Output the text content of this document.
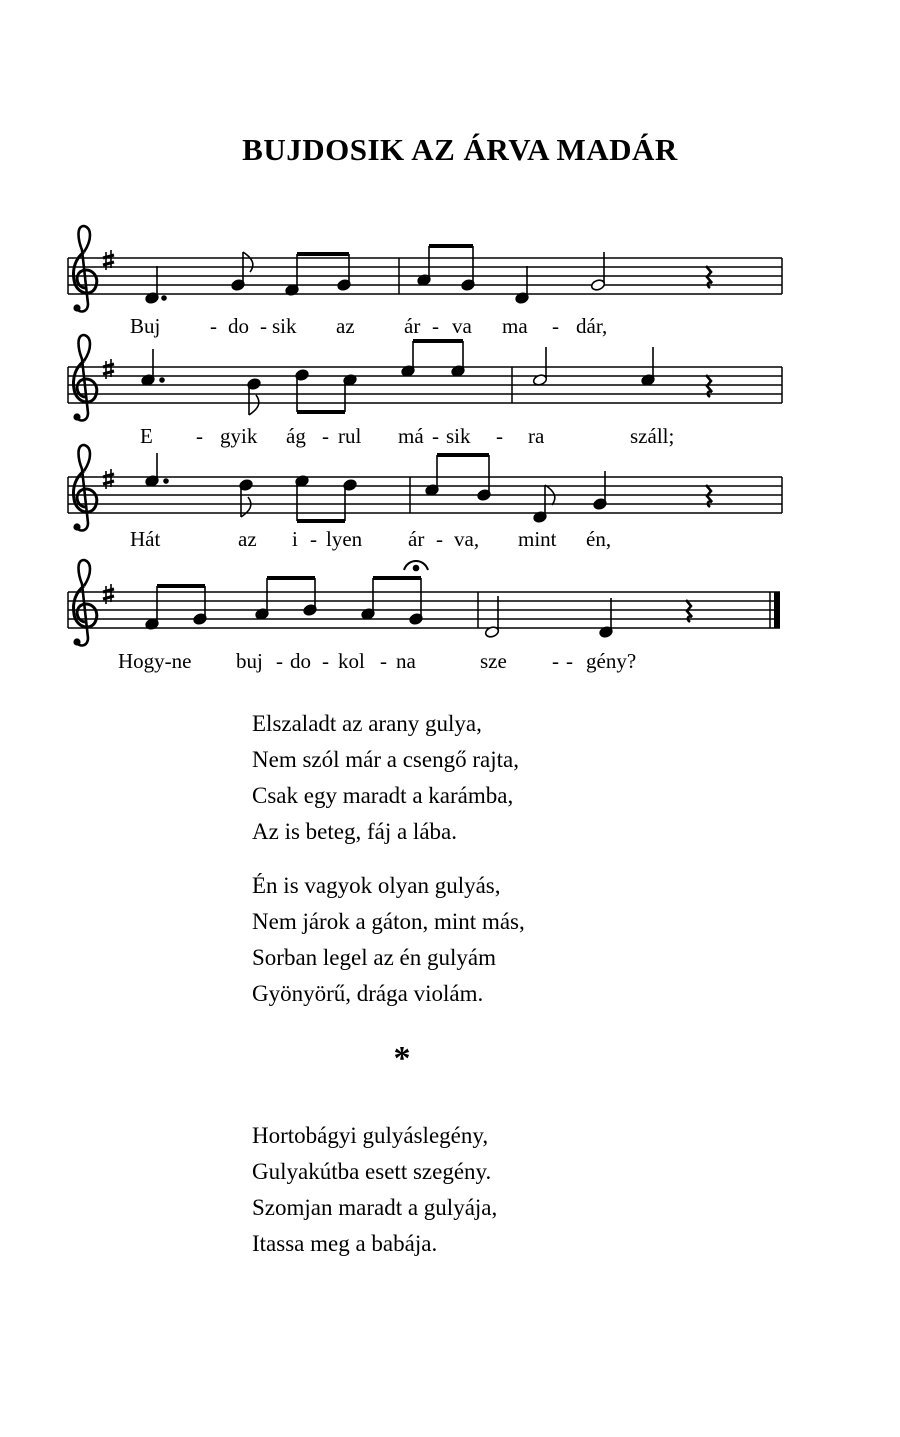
BUJDOSIK AZ ÁRVA MADÁR
Buj - do - sik az ár - va ma - dár,
E - gyik ág - rul má - sik - ra	száll;
Hát	az i - lyen ár - va, mint én,
Hogy-ne buj - do - kol - na	sze - - gény?
Elszaladt az arany gulya,
Nem szól már a csengő rajta,
Csak egy maradt a karámba,
Az is beteg, fáj a lába.
Én is vagyok olyan gulyás,
Nem járok a gáton, mint más,
Sorban legel az én gulyám
Gyönyörű, drága violám.
*
Hortobágyi gulyáslegény,
Gulyakútba esett szegény.
Szomjan maradt a gulyája,
Itassa meg a babája.
